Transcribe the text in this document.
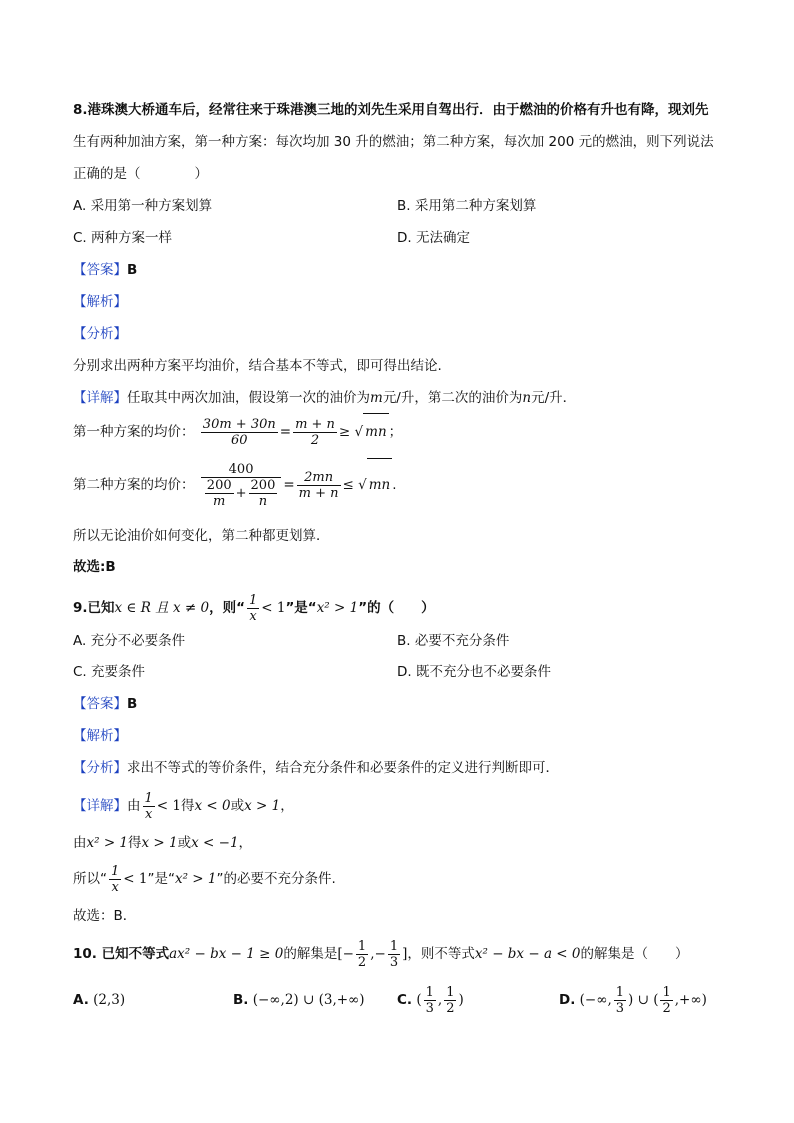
8.港珠澳大桥通车后，经常往来于珠港澳三地的刘先生采用自驾出行．由于燃油的价格有升也有降，现刘先
生有两种加油方案，第一种方案：每次均加 30 升的燃油；第二种方案，每次加 200 元的燃油，则下列说法
正确的是（　　　　）
A. 采用第一种方案划算	B. 采用第二种方案划算
C. 两种方案一样	D. 无法确定
【答案】B
【解析】
【分析】
分别求出两种方案平均油价，结合基本不等式，即可得出结论.
【详解】任取其中两次加油，假设第一次的油价为m元/升，第二次的油价为n元/升．
第一种方案的均价： $\frac{30m + 30n}{60} = \frac{m + n}{2}$ ≥ √ mn ；
第二种方案的均价： $\frac{400}{\frac{200}{m} + \frac{200}{n}} = \frac{2mn}{m + n}$ ≤ √ mn .
所以无论油价如何变化，第二种都更划算．
故选:B
9.已知x ∈ R 且 x ≠ 0，则“ $\frac{1}{x} < 1$”是“x² > 1”的（　　）
A. 充分不必要条件	B. 必要不充分条件
C. 充要条件	D. 既不充分也不必要条件
【答案】B
【解析】
【分析】求出不等式的等价条件，结合充分条件和必要条件的定义进行判断即可．
【详解】由 $\frac{1}{x} < 1$得x < 0或x > 1，
由x² > 1得x > 1或x < −1，
所以“ $\frac{1}{x} < 1$”是“x² > 1”的必要不充分条件.
故选：B．
10. 已知不等式ax² − bx − 1 ≥ 0的解集是[− $\frac{1}{2}$ ,− $\frac{1}{3}$ ]，则不等式x² − bx − a < 0的解集是（　　）
A. (2,3)	B. (−∞,2) ∪ (3,+∞) C. ( $\frac{1}{3}$ , $\frac{1}{2}$ )	D. (−∞, $\frac{1}{3}$ ) ∪ ( $\frac{1}{2}$ ,+∞)
